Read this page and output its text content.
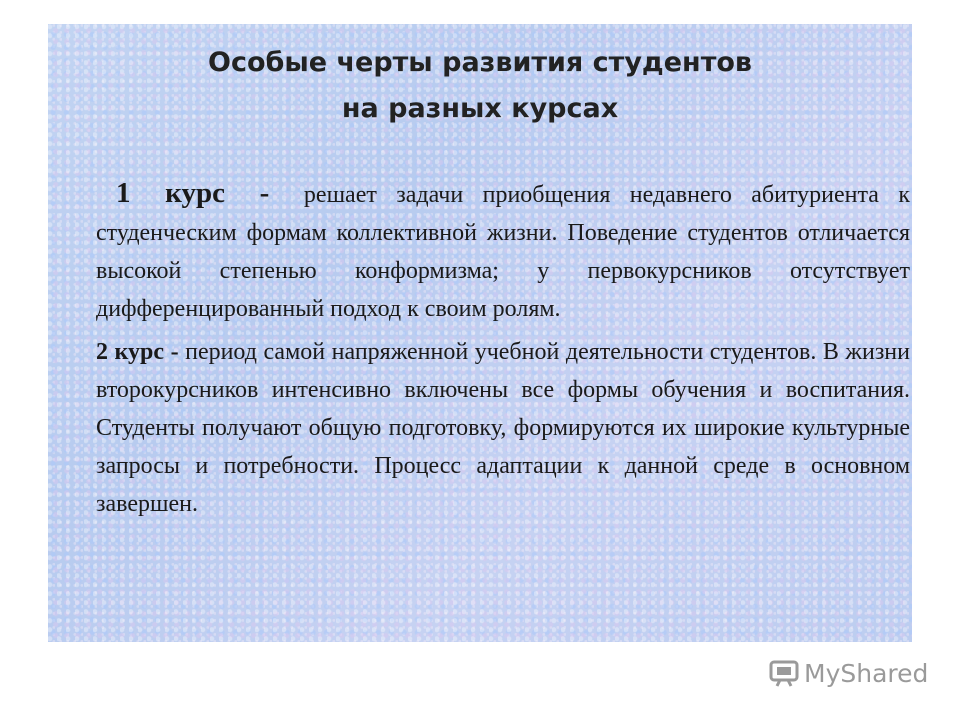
Особые черты развития студентов
на разных курсах

1 курс - решает задачи приобщения недавнего абитуриента к студенческим формам коллективной жизни. Поведение студентов отличается высокой степенью конформизма; у первокурсников отсутствует дифференцированный подход к своим ролям.

2 курс - период самой напряженной учебной деятельности студентов. В жизни второкурсников интенсивно включены все формы обучения и воспитания. Студенты получают общую подготовку, формируются их широкие культурные запросы и потребности. Процесс адаптации к данной среде в основном завершен.

MyShared
